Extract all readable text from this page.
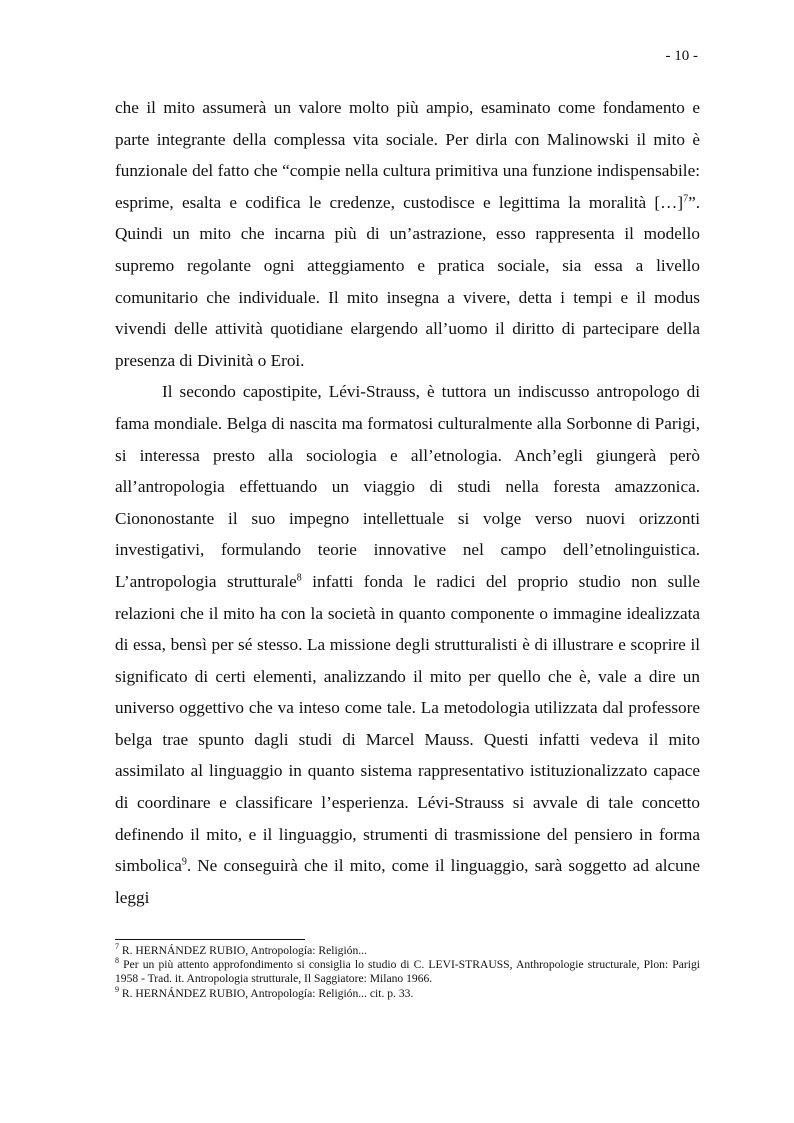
- 10 -

che il mito assumerà un valore molto più ampio, esaminato come fondamento e parte integrante della complessa vita sociale. Per dirla con Malinowski il mito è funzionale del fatto che “compie nella cultura primitiva una funzione indispensabile: esprime, esalta e codifica le credenze, custodisce e legittima la moralità […]$^7$”. Quindi un mito che incarna più di un’astrazione, esso rappresenta il modello supremo regolante ogni atteggiamento e pratica sociale, sia essa a livello comunitario che individuale. Il mito insegna a vivere, detta i tempi e il modus vivendi delle attività quotidiane elargendo all’uomo il diritto di partecipare della presenza di Divinità o Eroi.

Il secondo capostipite, Lévi-Strauss, è tuttora un indiscusso antropologo di fama mondiale. Belga di nascita ma formatosi culturalmente alla Sorbonne di Parigi, si interessa presto alla sociologia e all’etnologia. Anch’egli giungerà però all’antropologia effettuando un viaggio di studi nella foresta amazzonica. Ciononostante il suo impegno intellettuale si volge verso nuovi orizzonti investigativi, formulando teorie innovative nel campo dell’etnolinguistica. L’antropologia strutturale$^8$ infatti fonda le radici del proprio studio non sulle relazioni che il mito ha con la società in quanto componente o immagine idealizzata di essa, bensì per sé stesso. La missione degli strutturalisti è di illustrare e scoprire il significato di certi elementi, analizzando il mito per quello che è, vale a dire un universo oggettivo che va inteso come tale. La metodologia utilizzata dal professore belga trae spunto dagli studi di Marcel Mauss. Questi infatti vedeva il mito assimilato al linguaggio in quanto sistema rappresentativo istituzionalizzato capace di coordinare e classificare l’esperienza. Lévi-Strauss si avvale di tale concetto definendo il mito, e il linguaggio, strumenti di trasmissione del pensiero in forma simbolica$^9$. Ne conseguirà che il mito, come il linguaggio, sarà soggetto ad alcune leggi

$^7$ R. HERNÁNDEZ RUBIO, Antropología: Religión...

$^8$ Per un più attento approfondimento si consiglia lo studio di C. LEVI-STRAUSS, Anthropologie structurale, Plon: Parigi 1958 - Trad. it. Antropologia strutturale, Il Saggiatore: Milano 1966.

$^9$ R. HERNÁNDEZ RUBIO, Antropología: Religión... cit. p. 33.
